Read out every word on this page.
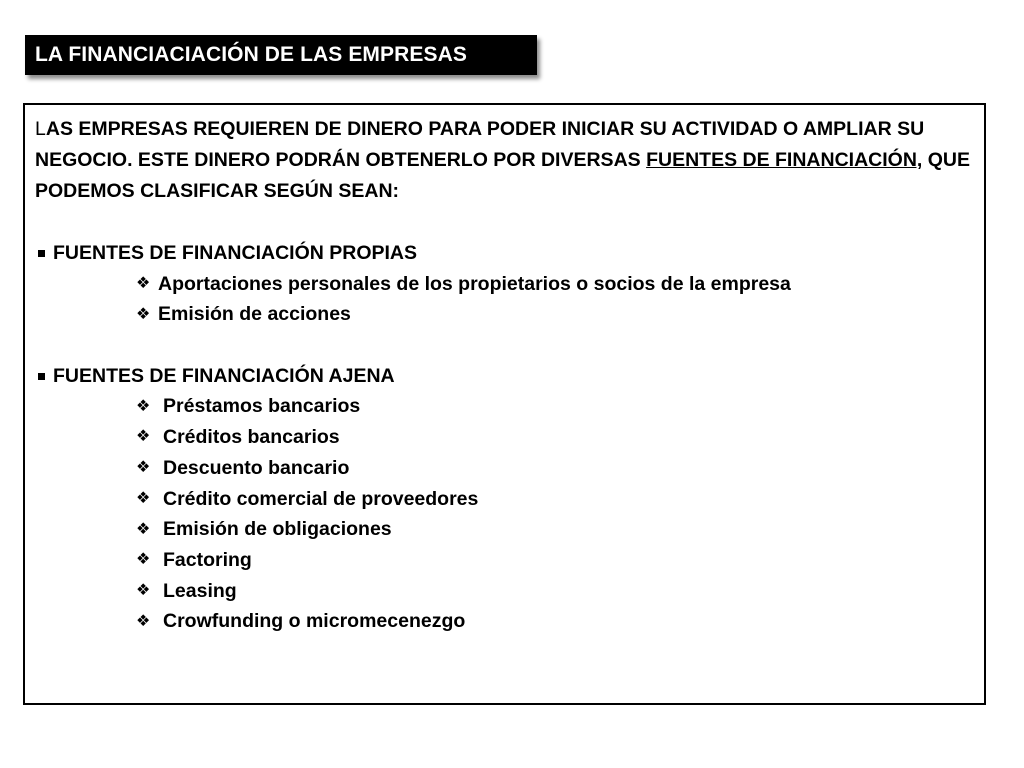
LA FINANCIACIACIÓN DE LAS EMPRESAS

LAS EMPRESAS REQUIEREN DE DINERO PARA PODER INICIAR SU ACTIVIDAD O AMPLIAR SU NEGOCIO. ESTE DINERO PODRÁN OBTENERLO POR DIVERSAS FUENTES DE FINANCIACIÓN, QUE PODEMOS CLASIFICAR SEGÚN SEAN:

FUENTES DE FINANCIACIÓN PROPIAS
❖ Aportaciones personales de los propietarios o socios de la empresa
❖ Emisión de acciones
FUENTES DE FINANCIACIÓN AJENA
❖ Préstamos bancarios
❖ Créditos bancarios
❖ Descuento bancario
❖ Crédito comercial de proveedores
❖ Emisión de obligaciones
❖ Factoring
❖ Leasing
❖ Crowfunding o micromecenezgo
